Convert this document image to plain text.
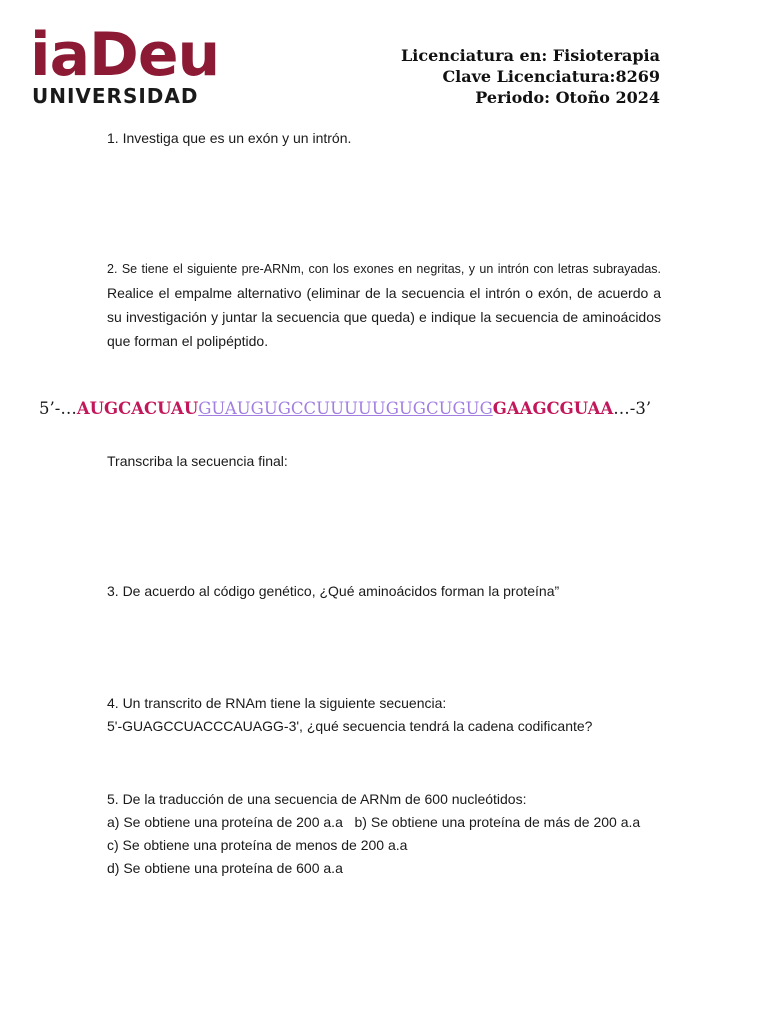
iaDeu
UNIVERSIDAD
Licenciatura en: Fisioterapia
Clave Licenciatura:8269
Periodo: Otoño 2024
1. Investiga que es un exón y un intrón.
2. Se tiene el siguiente pre-ARNm, con los exones en negritas, y un intrón con letras subrayadas. Realice el empalme alternativo (eliminar de la secuencia el intrón o exón, de acuerdo a su investigación y juntar la secuencia que queda) e indique la secuencia de aminoácidos que forman el polipéptido.
5’-…AUGCACUAUGUAUGUGCCUUUUUGUGCUGUGGAAGCGUAA…-3’
Transcriba la secuencia final:
3. De acuerdo al código genético, ¿Qué aminoácidos forman la proteína”
4. Un transcrito de RNAm tiene la siguiente secuencia:
5'-GUAGCCUACCCAUAGG-3', ¿qué secuencia tendrá la cadena codificante?
5. De la traducción de una secuencia de ARNm de 600 nucleótidos:
a) Se obtiene una proteína de 200 a.a   b) Se obtiene una proteína de más de 200 a.a
c) Se obtiene una proteína de menos de 200 a.a
d) Se obtiene una proteína de 600 a.a
